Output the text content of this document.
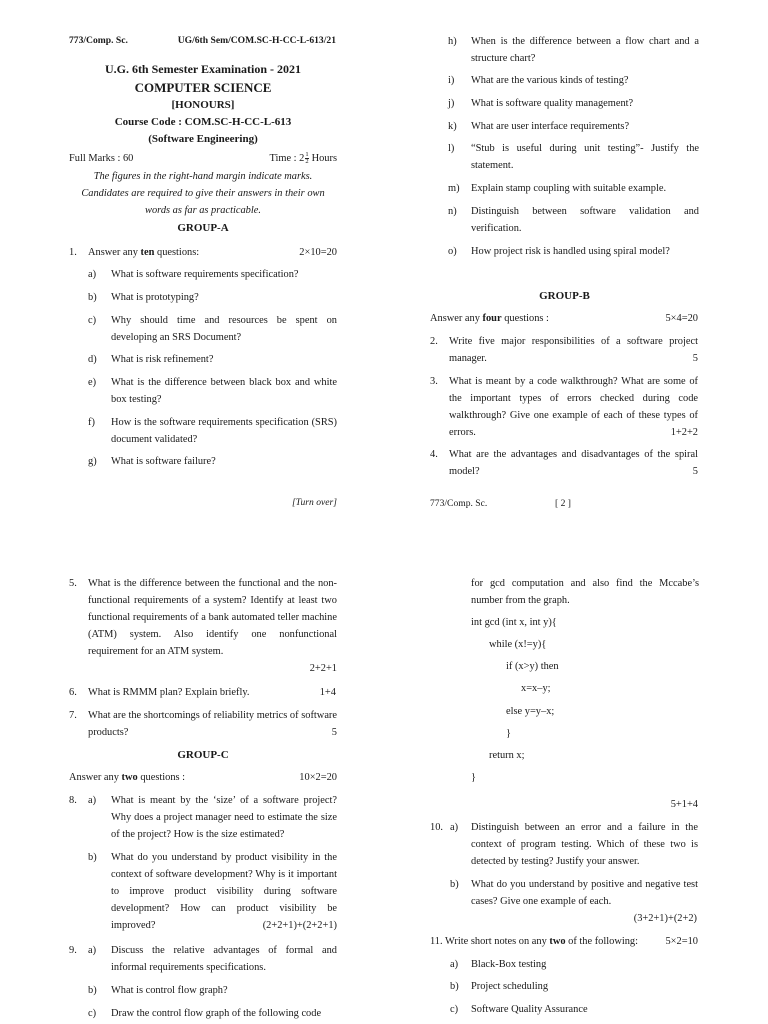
773/Comp. Sc.	UG/6th Sem/COM.SC-H-CC-L-613/21
U.G. 6th Semester Examination - 2021
COMPUTER SCIENCE
[HONOURS]
Course Code : COM.SC-H-CC-L-613
(Software Engineering)
Full Marks : 60	Time : $2 \frac{1}{2}$ Hours
The figures in the right-hand margin indicate marks.
Candidates are required to give their answers in their own words as far as practicable.
GROUP-A
1. Answer any ten questions:	2×10=20
a) What is software requirements specification?
b) What is prototyping?
c) Why should time and resources be spent on developing an SRS Document?
d) What is risk refinement?
e) What is the difference between black box and white box testing?
f) How is the software requirements specification (SRS) document validated?
g) What is software failure?
[Turn over]
h) When is the difference between a flow chart and a structure chart?
i) What are the various kinds of testing?
j) What is software quality management?
k) What are user interface requirements?
l) “Stub is useful during unit testing”- Justify the statement.
m) Explain stamp coupling with suitable example.
n) Distinguish between software validation and verification.
o) How project risk is handled using spiral model?
GROUP-B
Answer any four questions :	5×4=20
2. Write five major responsibilities of a software project manager.	5
3. What is meant by a code walkthrough? What are some of the important types of errors checked during code walkthrough? Give one example of each of these types of errors.	1+2+2
4. What are the advantages and disadvantages of the spiral model?	5
773/Comp. Sc.	[ 2 ]
5. What is the difference between the functional and the non-functional requirements of a system? Identify at least two functional requirements of a bank automated teller machine (ATM) system. Also identify one nonfunctional requirement for an ATM system.
2+2+1
6. What is RMMM plan? Explain briefly.	1+4
7. What are the shortcomings of reliability metrics of software products?	5
GROUP-C
Answer any two questions :	10×2=20
8. a) What is meant by the ‘size’ of a software project? Why does a project manager need to estimate the size of the project? How is the size estimated?
b) What do you understand by product visibility in the context of software development? Why is it important to improve product visibility during software development? How can product visibility be improved?	(2+2+1)+(2+2+1)
9. a) Discuss the relative advantages of formal and informal requirements specifications.
b) What is control flow graph?
c) Draw the control flow graph of the following code
for gcd computation and also find the Mccabe’s number from the graph.
int gcd (int x, int y){
while (x!=y){
if (x>y) then
x=x–y;
else y=y–x;
}
return x;
}
5+1+4
10. a) Distinguish between an error and a failure in the context of program testing. Which of these two is detected by testing? Justify your answer.
b) What do you understand by positive and negative test cases? Give one example of each.
(3+2+1)+(2+2)
11. Write short notes on any two of the following:	5×2=10
a) Black-Box testing
b) Project scheduling
c) Software Quality Assurance
